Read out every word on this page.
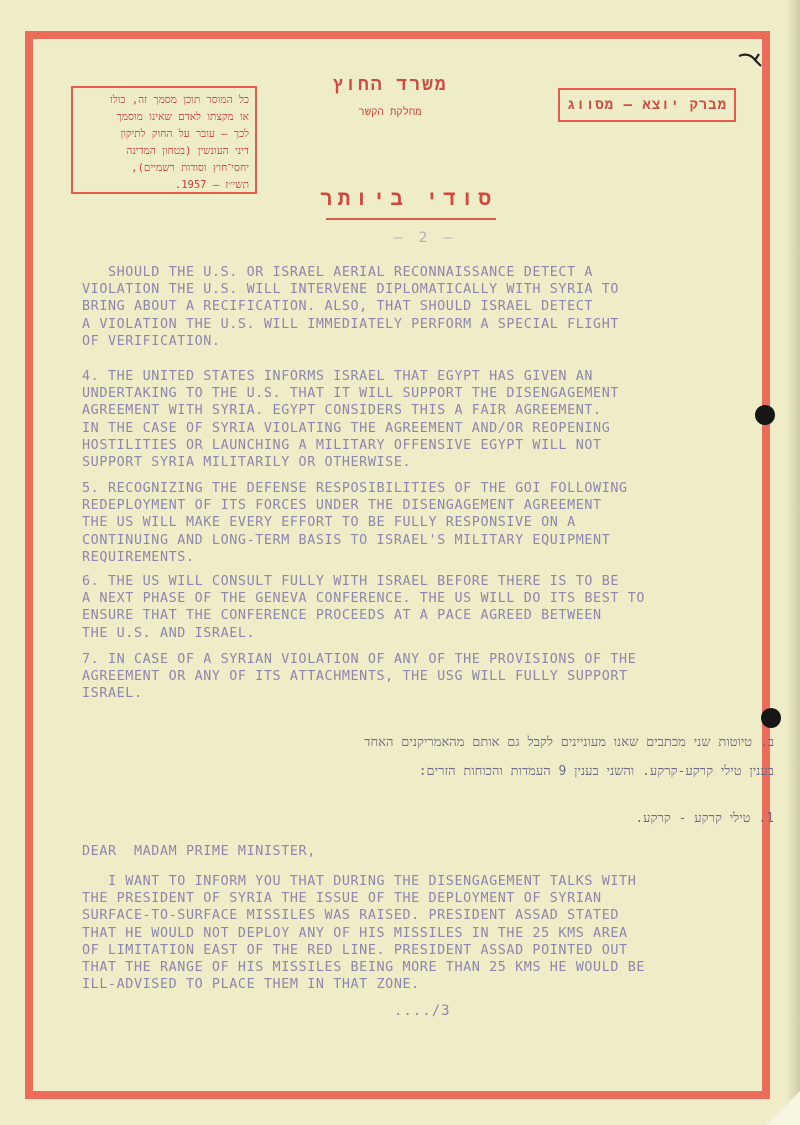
כל המוסר תוכן מסמך זה, כולו
או מקצתו לאדם שאינו מוסמך
לכך — עובר על החוק לתיקון
דיני העונשין (בטחון המדינה
יחסי־חוץ וסודות רשמיים),
תשי״ז — 1957.
משרד החוץ
מחלקת הקשר	מברק יוצא — מסווג
סודי ביותר
– 2 –
SHOULD THE U.S. OR ISRAEL AERIAL RECONNAISSANCE DETECT A
VIOLATION THE U.S. WILL INTERVENE DIPLOMATICALLY WITH SYRIA TO
BRING ABOUT A RECIFICATION. ALSO, THAT SHOULD ISRAEL DETECT
A VIOLATION THE U.S. WILL IMMEDIATELY PERFORM A SPECIAL FLIGHT
OF VERIFICATION.
4. THE UNITED STATES INFORMS ISRAEL THAT EGYPT HAS GIVEN AN
UNDERTAKING TO THE U.S. THAT IT WILL SUPPORT THE DISENGAGEMENT
AGREEMENT WITH SYRIA. EGYPT CONSIDERS THIS A FAIR AGREEMENT.
IN THE CASE OF SYRIA VIOLATING THE AGREEMENT AND/OR REOPENING
HOSTILITIES OR LAUNCHING A MILITARY OFFENSIVE EGYPT WILL NOT
SUPPORT SYRIA MILITARILY OR OTHERWISE.
5. RECOGNIZING THE DEFENSE RESPOSIBILITIES OF THE GOI FOLLOWING
REDEPLOYMENT OF ITS FORCES UNDER THE DISENGAGEMENT AGREEMENT
THE US WILL MAKE EVERY EFFORT TO BE FULLY RESPONSIVE ON A
CONTINUING AND LONG-TERM BASIS TO ISRAEL'S MILITARY EQUIPMENT
REQUIREMENTS.
6. THE US WILL CONSULT FULLY WITH ISRAEL BEFORE THERE IS TO BE
A NEXT PHASE OF THE GENEVA CONFERENCE. THE US WILL DO ITS BEST TO
ENSURE THAT THE CONFERENCE PROCEEDS AT A PACE AGREED BETWEEN
THE U.S. AND ISRAEL.
7. IN CASE OF A SYRIAN VIOLATION OF ANY OF THE PROVISIONS OF THE
AGREEMENT OR ANY OF ITS ATTACHMENTS, THE USG WILL FULLY SUPPORT
ISRAEL.
ב. טיוטות שני מכתבים שאנו מעוניינים לקבל גם אותם מהאמריקנים האחד
בענין טילי קרקע-קרקע. והשני בענין 9 העמדות והכוחות הזרים:
1. טילי קרקע - קרקע.
DEAR  MADAM PRIME MINISTER,
I WANT TO INFORM YOU THAT DURING THE DISENGAGEMENT TALKS WITH
THE PRESIDENT OF SYRIA THE ISSUE OF THE DEPLOYMENT OF SYRIAN
SURFACE-TO-SURFACE MISSILES WAS RAISED. PRESIDENT ASSAD STATED
THAT HE WOULD NOT DEPLOY ANY OF HIS MISSILES IN THE 25 KMS AREA
OF LIMITATION EAST OF THE RED LINE. PRESIDENT ASSAD POINTED OUT
THAT THE RANGE OF HIS MISSILES BEING MORE THAN 25 KMS HE WOULD BE
ILL-ADVISED TO PLACE THEM IN THAT ZONE.
..../3
